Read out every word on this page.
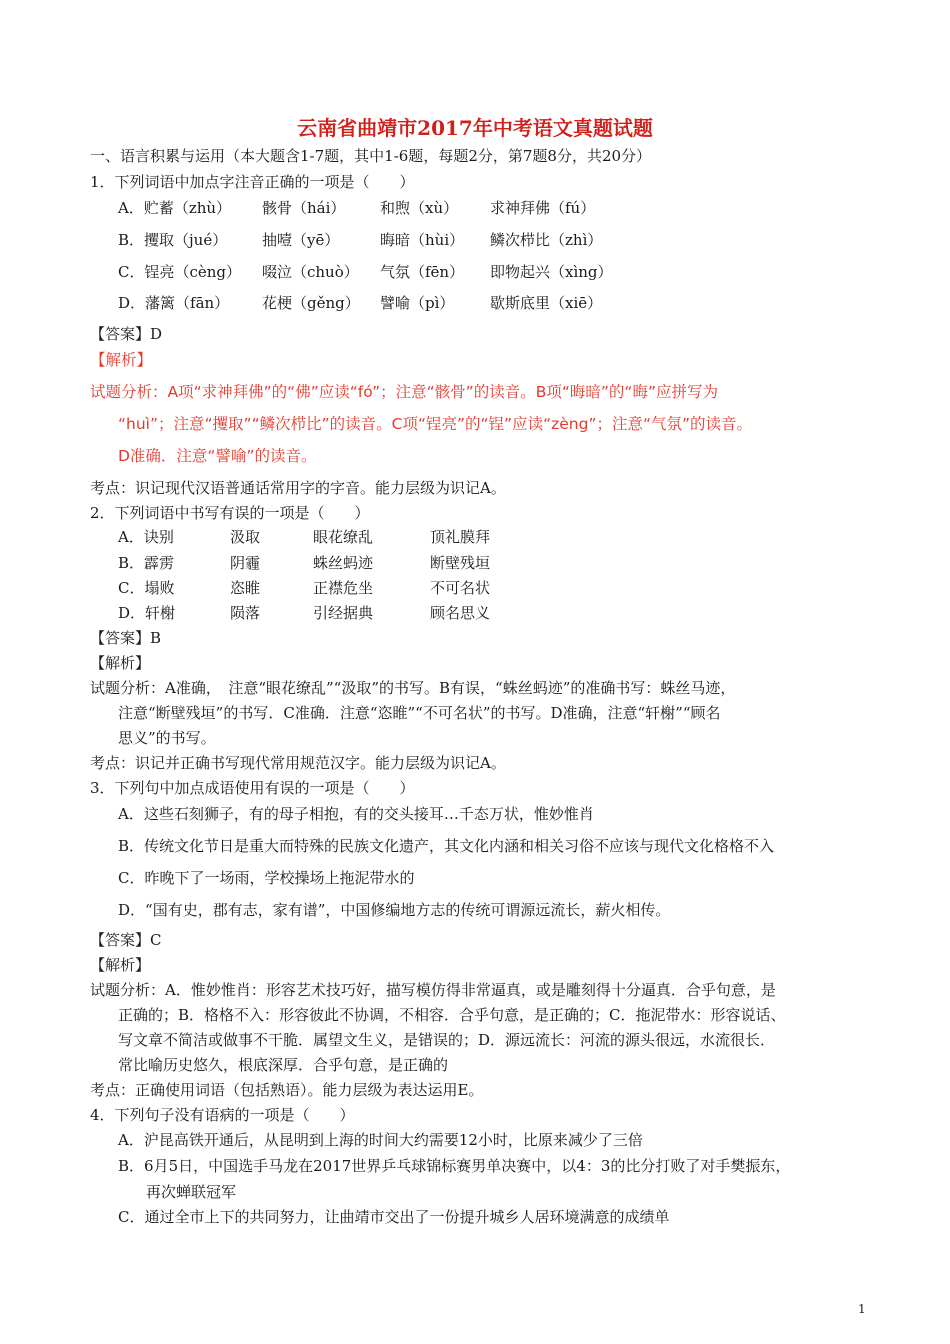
云南省曲靖市2017年中考语文真题试题
一、语言积累与运用（本大题含1-7题，其中1-6题，每题2分，第7题8分，共20分）
1．下列词语中加点字注音正确的一项是（　　）
A．贮蓄（zhù） 骸骨（hái） 和煦（xù） 求神拜佛（fú）
B．攫取（jué） 抽噎（yē）	晦暗（hùi） 鳞次栉比（zhì）
C．锃亮（cèng） 啜泣（chuò） 气氛（fēn） 即物起兴（xìng）
D．藩篱（fān） 花梗（gěng） 譬喻（pì） 歇斯底里（xiē）
【答案】D
【解析】
试题分析：A项“求神拜佛”的“佛”应读“fó”；注意“骸骨”的读音。B项“晦暗”的“晦”应拼写为
“huì”；注意“攫取”“鳞次栉比”的读音。C项“锃亮”的“锃”应读“zèng”；注意“气氛”的读音。
D准确．注意“譬喻”的读音。
考点：识记现代汉语普通话常用字的字音。能力层级为识记A。
2．下列词语中书写有误的一项是（　　）
A．诀别	汲取	眼花缭乱	顶礼膜拜
B．霹雳	阴霾	蛛丝蚂迹	断壁残垣
C．塌败	恣睢	正襟危坐	不可名状
D．轩榭	陨落	引经据典	顾名思义
【答案】B
【解析】
试题分析：A准确，　注意“眼花缭乱”“汲取”的书写。B有误，“蛛丝蚂迹”的准确书写：蛛丝马迹，
注意“断壁残垣”的书写．C准确．注意“恣睢”“不可名状”的书写。D准确，注意“轩榭”“顾名
思义”的书写。
考点：识记并正确书写现代常用规范汉字。能力层级为识记A。
3．下列句中加点成语使用有误的一项是（　　）
A．这些石刻狮子，有的母子相抱，有的交头接耳…千态万状，惟妙惟肖
B．传统文化节日是重大而特殊的民族文化遗产，其文化内涵和相关习俗不应该与现代文化格格不入
C．昨晚下了一场雨，学校操场上拖泥带水的
D．“国有史，郡有志，家有谱”，中国修编地方志的传统可谓源远流长，薪火相传。
【答案】C
【解析】
试题分析：A．惟妙惟肖：形容艺术技巧好，描写模仿得非常逼真，或是雕刻得十分逼真．合乎句意，是
正确的；B．格格不入：形容彼此不协调，不相容．合乎句意，是正确的；C．拖泥带水：形容说话、
写文章不简洁或做事不干脆．属望文生义，是错误的；D．源远流长：河流的源头很远，水流很长．
常比喻历史悠久，根底深厚．合乎句意，是正确的
考点：正确使用词语（包括熟语）。能力层级为表达运用E。
4．下列句子没有语病的一项是（　　）
A．沪昆高铁开通后，从昆明到上海的时间大约需要12小时，比原来减少了三倍
B．6月5日，中国选手马龙在2017世界乒乓球锦标赛男单决赛中，以4：3的比分打败了对手樊振东，
再次蝉联冠军
C．通过全市上下的共同努力，让曲靖市交出了一份提升城乡人居环境满意的成绩单
1
